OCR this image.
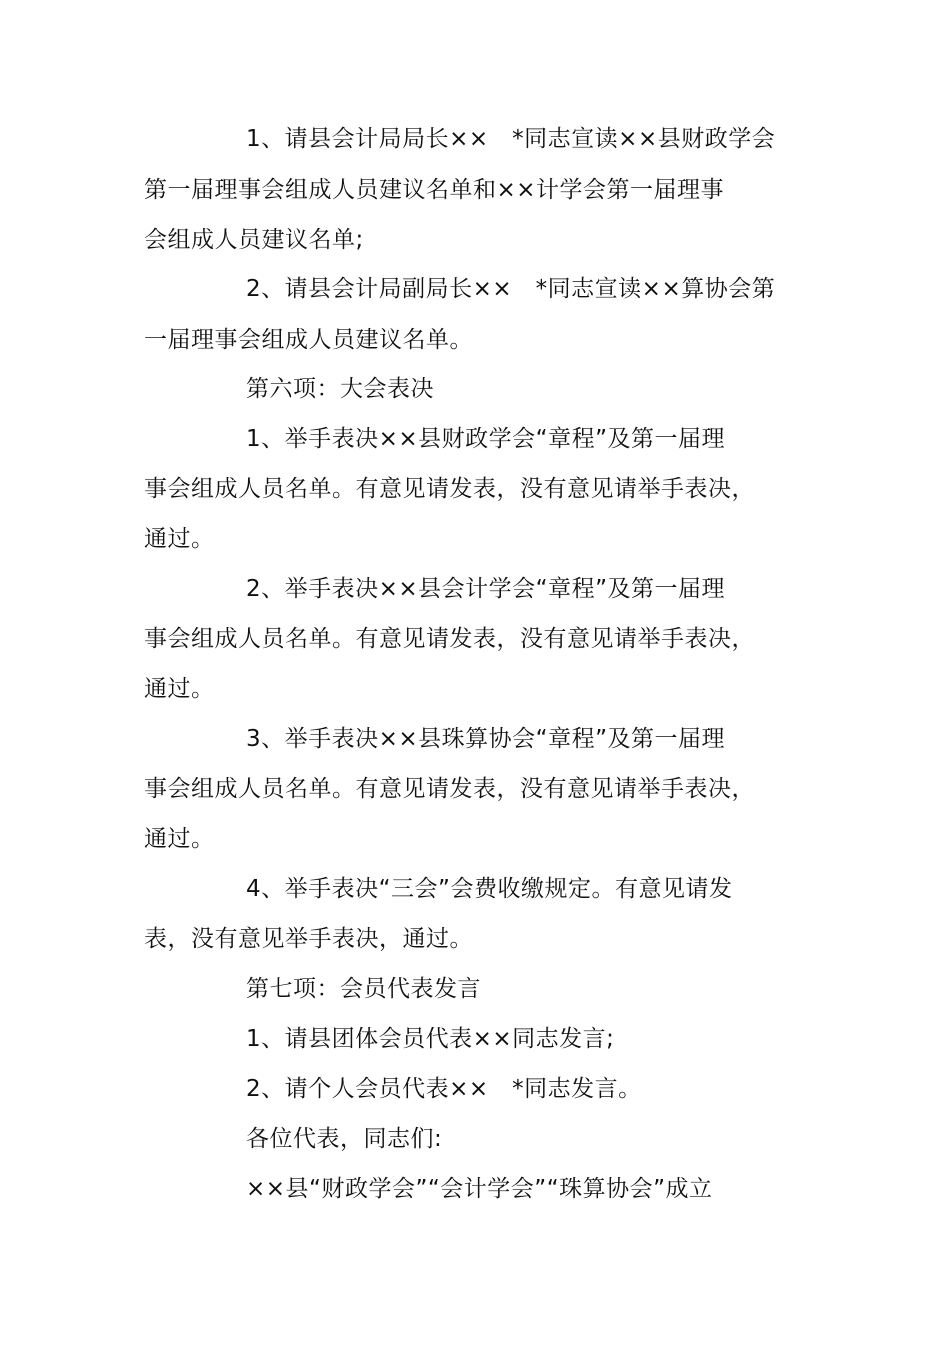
1、请县会计局局长××　*同志宣读××县财政学会
第一届理事会组成人员建议名单和××计学会第一届理事
会组成人员建议名单;
2、请县会计局副局长××　*同志宣读××算协会第
一届理事会组成人员建议名单。
第六项：大会表决
1、举手表决××县财政学会“章程”及第一届理
事会组成人员名单。有意见请发表，没有意见请举手表决，
通过。
2、举手表决××县会计学会“章程”及第一届理
事会组成人员名单。有意见请发表，没有意见请举手表决，
通过。
3、举手表决××县珠算协会“章程”及第一届理
事会组成人员名单。有意见请发表，没有意见请举手表决，
通过。
4、举手表决“三会”会费收缴规定。有意见请发
表，没有意见举手表决，通过。
第七项：会员代表发言
1、请县团体会员代表××同志发言;
2、请个人会员代表××　*同志发言。
各位代表，同志们:
××县“财政学会”“会计学会”“珠算协会”成立
